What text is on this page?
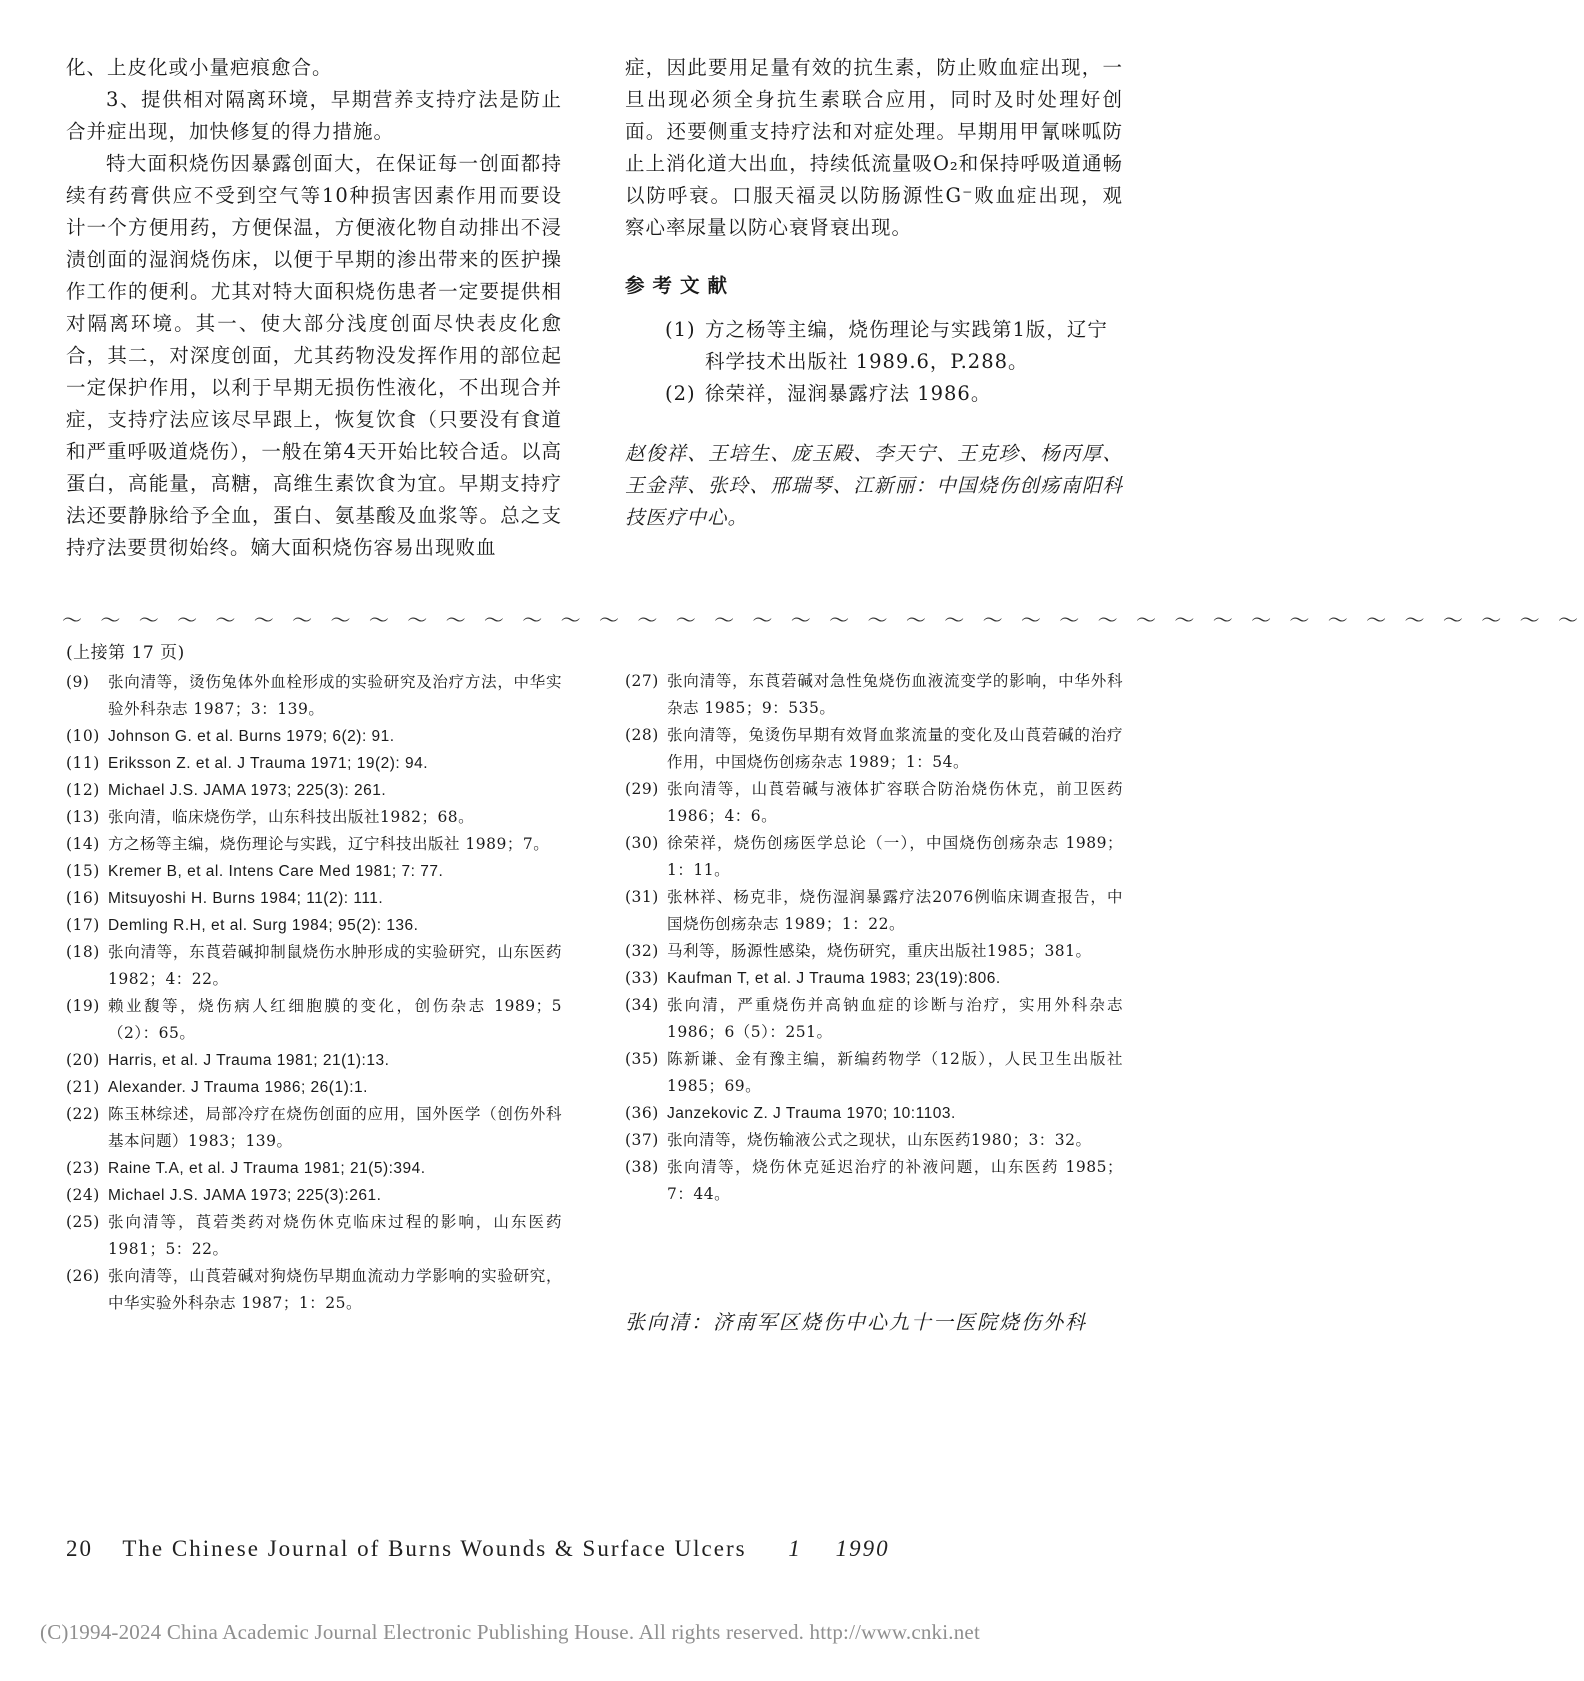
化、上皮化或小量疤痕愈合。

3、提供相对隔离环境，早期营养支持疗法是防止合并症出现，加快修复的得力措施。

特大面积烧伤因暴露创面大，在保证每一创面都持续有药膏供应不受到空气等10种损害因素作用而要设计一个方便用药，方便保温，方便液化物自动排出不浸渍创面的湿润烧伤床，以便于早期的渗出带来的医护操作工作的便利。尤其对特大面积烧伤患者一定要提供相对隔离环境。其一、使大部分浅度创面尽快表皮化愈合，其二，对深度创面，尤其药物没发挥作用的部位起一定保护作用，以利于早期无损伤性液化，不出现合并症，支持疗法应该尽早跟上，恢复饮食（只要没有食道和严重呼吸道烧伤），一般在第4天开始比较合适。以高蛋白，高能量，高糖，高维生素饮食为宜。早期支持疗法还要静脉给予全血，蛋白、氨基酸及血浆等。总之支持疗法要贯彻始终。嫡大面积烧伤容易出现败血

症，因此要用足量有效的抗生素，防止败血症出现，一旦出现必须全身抗生素联合应用，同时及时处理好创面。还要侧重支持疗法和对症处理。早期用甲氰咪呱防止上消化道大出血，持续低流量吸O₂和保持呼吸道通畅以防呼衰。口服天福灵以防肠源性G⁻败血症出现，观察心率尿量以防心衰肾衰出现。

参考文献

(1) 方之杨等主编，烧伤理论与实践第1版，辽宁科学技术出版社 1989.6，P.288。
(2) 徐荣祥，湿润暴露疗法 1986。

赵俊祥、王培生、庞玉殿、李天宁、王克珍、杨丙厚、王金萍、张玲、邢瑞琴、江新丽：中国烧伤创疡南阳科技医疗中心。

～ ～ ～ ～ ～ ～ ～ ～ ～ ～ ～ ～ ～ ～ ～ ～ ～ ～ ～ ～ ～ ～ ～ ～ ～ ～ ～ ～ ～ ～ ～ ～ ～ ～ ～ ～ ～ ～ ～ ～

(上接第 17 页)

(9)	张向清等，烫伤兔体外血栓形成的实验研究及治疗方法，中华实验外科杂志 1987；3：139。
(10) Johnson G. et al. Burns 1979; 6(2): 91.
(11) Eriksson Z. et al. J Trauma 1971; 19(2): 94.
(12) Michael J.S. JAMA 1973; 225(3): 261.
(13) 张向清，临床烧伤学，山东科技出版社1982；68。
(14) 方之杨等主编，烧伤理论与实践，辽宁科技出版社 1989；7。
(15) Kremer B, et al. Intens Care Med 1981; 7: 77.
(16) Mitsuyoshi H. Burns 1984; 11(2): 111.
(17) Demling R.H, et al. Surg 1984; 95(2): 136.
(18) 张向清等，东莨菪碱抑制鼠烧伤水肿形成的实验研究，山东医药 1982；4：22。
(19) 赖业馥等，烧伤病人红细胞膜的变化，创伤杂志 1989；5（2）：65。
(20) Harris, et al. J Trauma 1981; 21(1):13.
(21) Alexander. J Trauma 1986; 26(1):1.
(22) 陈玉林综述，局部冷疗在烧伤创面的应用，国外医学（创伤外科基本问题）1983；139。
(23) Raine T.A, et al. J Trauma 1981; 21(5):394.
(24) Michael J.S. JAMA 1973; 225(3):261.
(25) 张向清等，莨菪类药对烧伤休克临床过程的影响，山东医药 1981；5：22。
(26) 张向清等，山莨菪碱对狗烧伤早期血流动力学影响的实验研究，中华实验外科杂志 1987；1：25。
(27) 张向清等，东莨菪碱对急性兔烧伤血液流变学的影响，中华外科杂志 1985；9：535。
(28) 张向清等，兔烫伤早期有效肾血浆流量的变化及山莨菪碱的治疗作用，中国烧伤创疡杂志 1989；1：54。
(29) 张向清等，山莨菪碱与液体扩容联合防治烧伤休克，前卫医药 1986；4：6。
(30) 徐荣祥，烧伤创疡医学总论（一），中国烧伤创疡杂志 1989；1：11。
(31) 张林祥、杨克非，烧伤湿润暴露疗法2076例临床调查报告，中国烧伤创疡杂志 1989；1：22。
(32) 马利等，肠源性感染，烧伤研究，重庆出版社1985；381。
(33) Kaufman T, et al. J Trauma 1983; 23(19):806.
(34) 张向清，严重烧伤并高钠血症的诊断与治疗，实用外科杂志 1986；6（5）：251。
(35) 陈新谦、金有豫主编，新编药物学（12版），人民卫生出版社 1985；69。
(36) Janzekovic Z. J Trauma 1970; 10:1103.
(37) 张向清等，烧伤输液公式之现状，山东医药1980；3：32。
(38) 张向清等，烧伤休克延迟治疗的补液问题，山东医药 1985；7：44。
张向清：济南军区烧伤中心九十一医院烧伤外科
20 The Chinese Journal of Burns Wounds & Surface Ulcers 1 1990
(C)1994-2024 China Academic Journal Electronic Publishing House. All rights reserved. http://www.cnki.net
